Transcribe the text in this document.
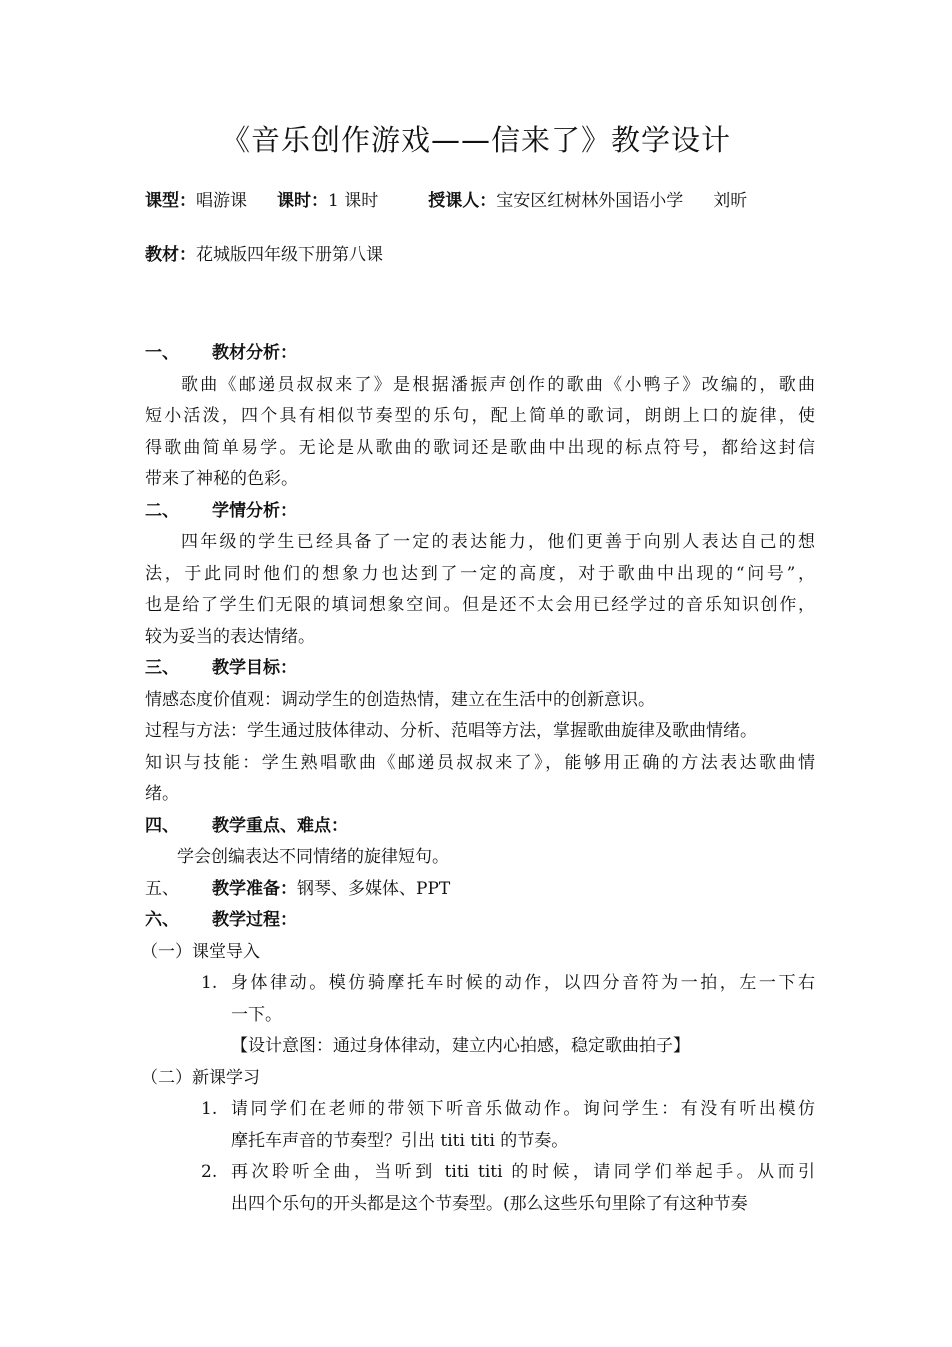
《音乐创作游戏——信来了》教学设计
课型：唱游课 课时：1 课时	授课人：宝安区红树林外国语小学 刘昕
教材：花城版四年级下册第八课
一、 教材分析：
歌曲《邮递员叔叔来了》是根据潘振声创作的歌曲《小鸭子》改编的，歌曲
短小活泼，四个具有相似节奏型的乐句，配上简单的歌词，朗朗上口的旋律，使
得歌曲简单易学。无论是从歌曲的歌词还是歌曲中出现的标点符号，都给这封信
带来了神秘的色彩。
二、 学情分析：
四年级的学生已经具备了一定的表达能力，他们更善于向别人表达自己的想
法，于此同时他们的想象力也达到了一定的高度，对于歌曲中出现的“问号”，
也是给了学生们无限的填词想象空间。但是还不太会用已经学过的音乐知识创作，
较为妥当的表达情绪。
三、 教学目标：
情感态度价值观：调动学生的创造热情，建立在生活中的创新意识。
过程与方法：学生通过肢体律动、分析、范唱等方法，掌握歌曲旋律及歌曲情绪。
知识与技能：学生熟唱歌曲《邮递员叔叔来了》，能够用正确的方法表达歌曲情
绪。
四、 教学重点、难点：
学会创编表达不同情绪的旋律短句。
五、 教学准备：钢琴、多媒体、PPT
六、 教学过程：
（一）课堂导入
1. 身体律动。模仿骑摩托车时候的动作，以四分音符为一拍，左一下右
一下。
【设计意图：通过身体律动，建立内心拍感，稳定歌曲拍子】
（二）新课学习
1. 请同学们在老师的带领下听音乐做动作。询问学生：有没有听出模仿
摩托车声音的节奏型？引出 titi titi 的节奏。
2. 再次聆听全曲，当听到 titi titi 的时候，请同学们举起手。从而引
出四个乐句的开头都是这个节奏型。(那么这些乐句里除了有这种节奏
